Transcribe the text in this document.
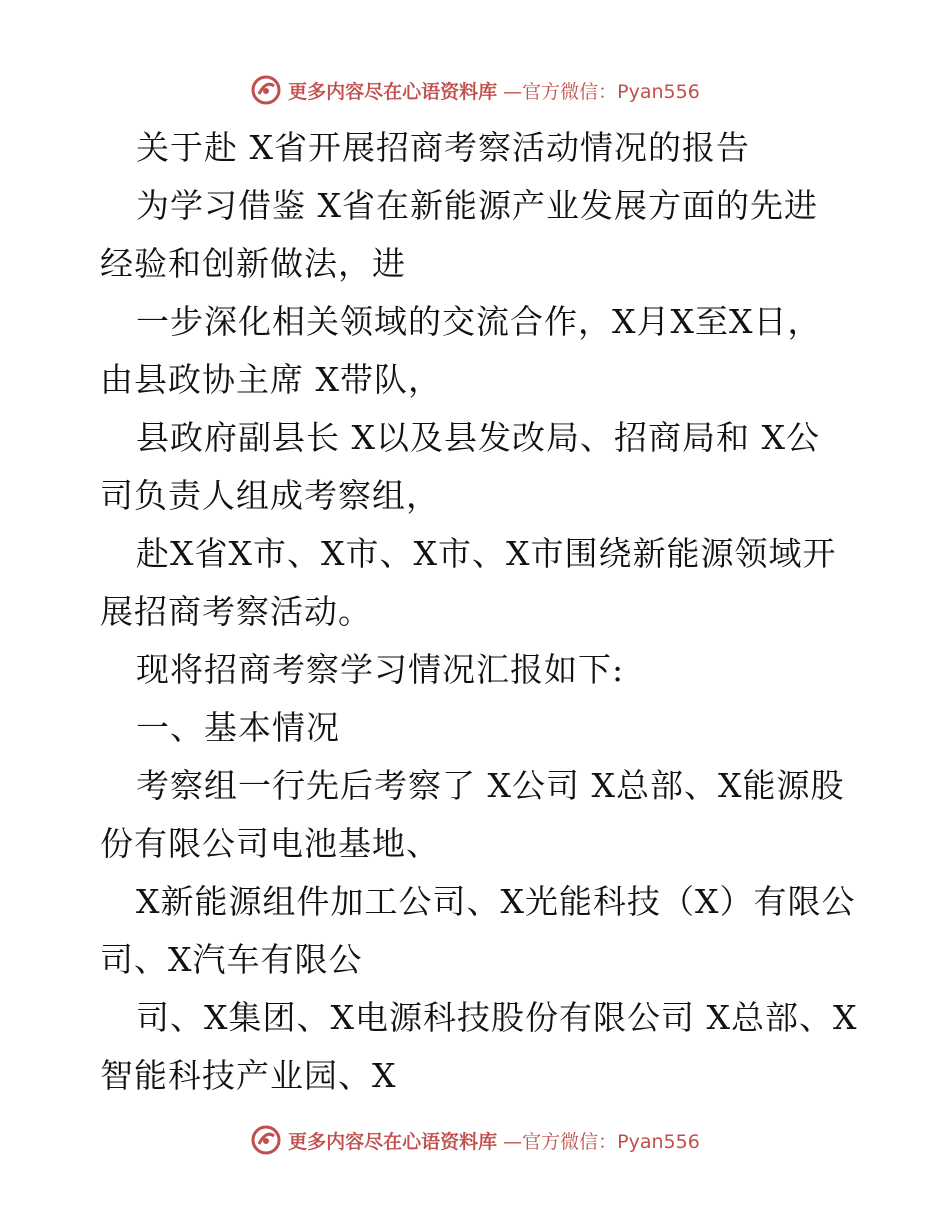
更多内容尽在心语资料库 —官方微信：Pyan556
关于赴 X省开展招商考察活动情况的报告
为学习借鉴 X省在新能源产业发展方面的先进
经验和创新做法，进
一步深化相关领域的交流合作，X月X至X日，
由县政协主席 X带队，
县政府副县长 X以及县发改局、招商局和 X公
司负责人组成考察组，
赴X省X市、X市、X市、X市围绕新能源领域开
展招商考察活动。
现将招商考察学习情况汇报如下:
一、基本情况
考察组一行先后考察了 X公司 X总部、X能源股
份有限公司电池基地、
X新能源组件加工公司、X光能科技（X）有限公
司、X汽车有限公
司、X集团、X电源科技股份有限公司 X总部、X
智能科技产业园、X
更多内容尽在心语资料库 —官方微信：Pyan556
